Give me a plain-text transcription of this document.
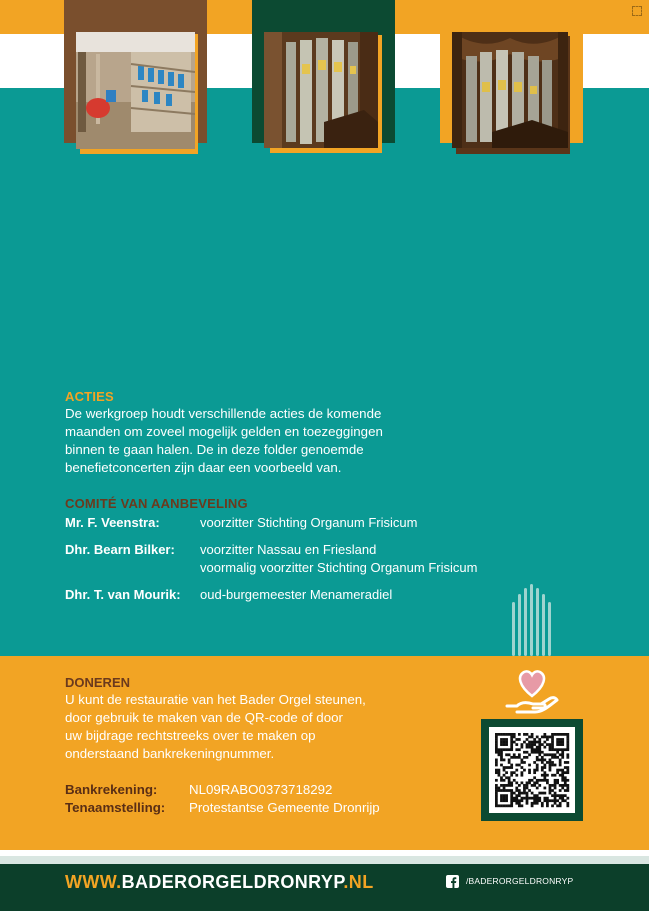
ACTIES
De werkgroep houdt verschillende acties de komende
maanden om zoveel mogelijk gelden en toezeggingen
binnen te gaan halen. De in deze folder genoemde
benefietconcerten zijn daar een voorbeeld van.
COMITÉ VAN AANBEVELING
Mr. F. Veenstra:	voorzitter Stichting Organum Frisicum
Dhr. Bearn Bilker: voorzitter Nassau en Friesland
voormalig voorzitter Stichting Organum Frisicum
Dhr. T. van Mourik: oud-burgemeester Menameradiel
DONEREN
U kunt de restauratie van het Bader Orgel steunen,
door gebruik te maken van de QR-code of door
uw bijdrage rechtstreeks over te maken op
onderstaand bankrekeningnummer.
Bankrekening: NL09RABO0373718292
Tenaamstelling: Protestantse Gemeente Dronrijp
WWW.BADERORGELDRONRYP.NL	/BADERORGELDRONRYP
